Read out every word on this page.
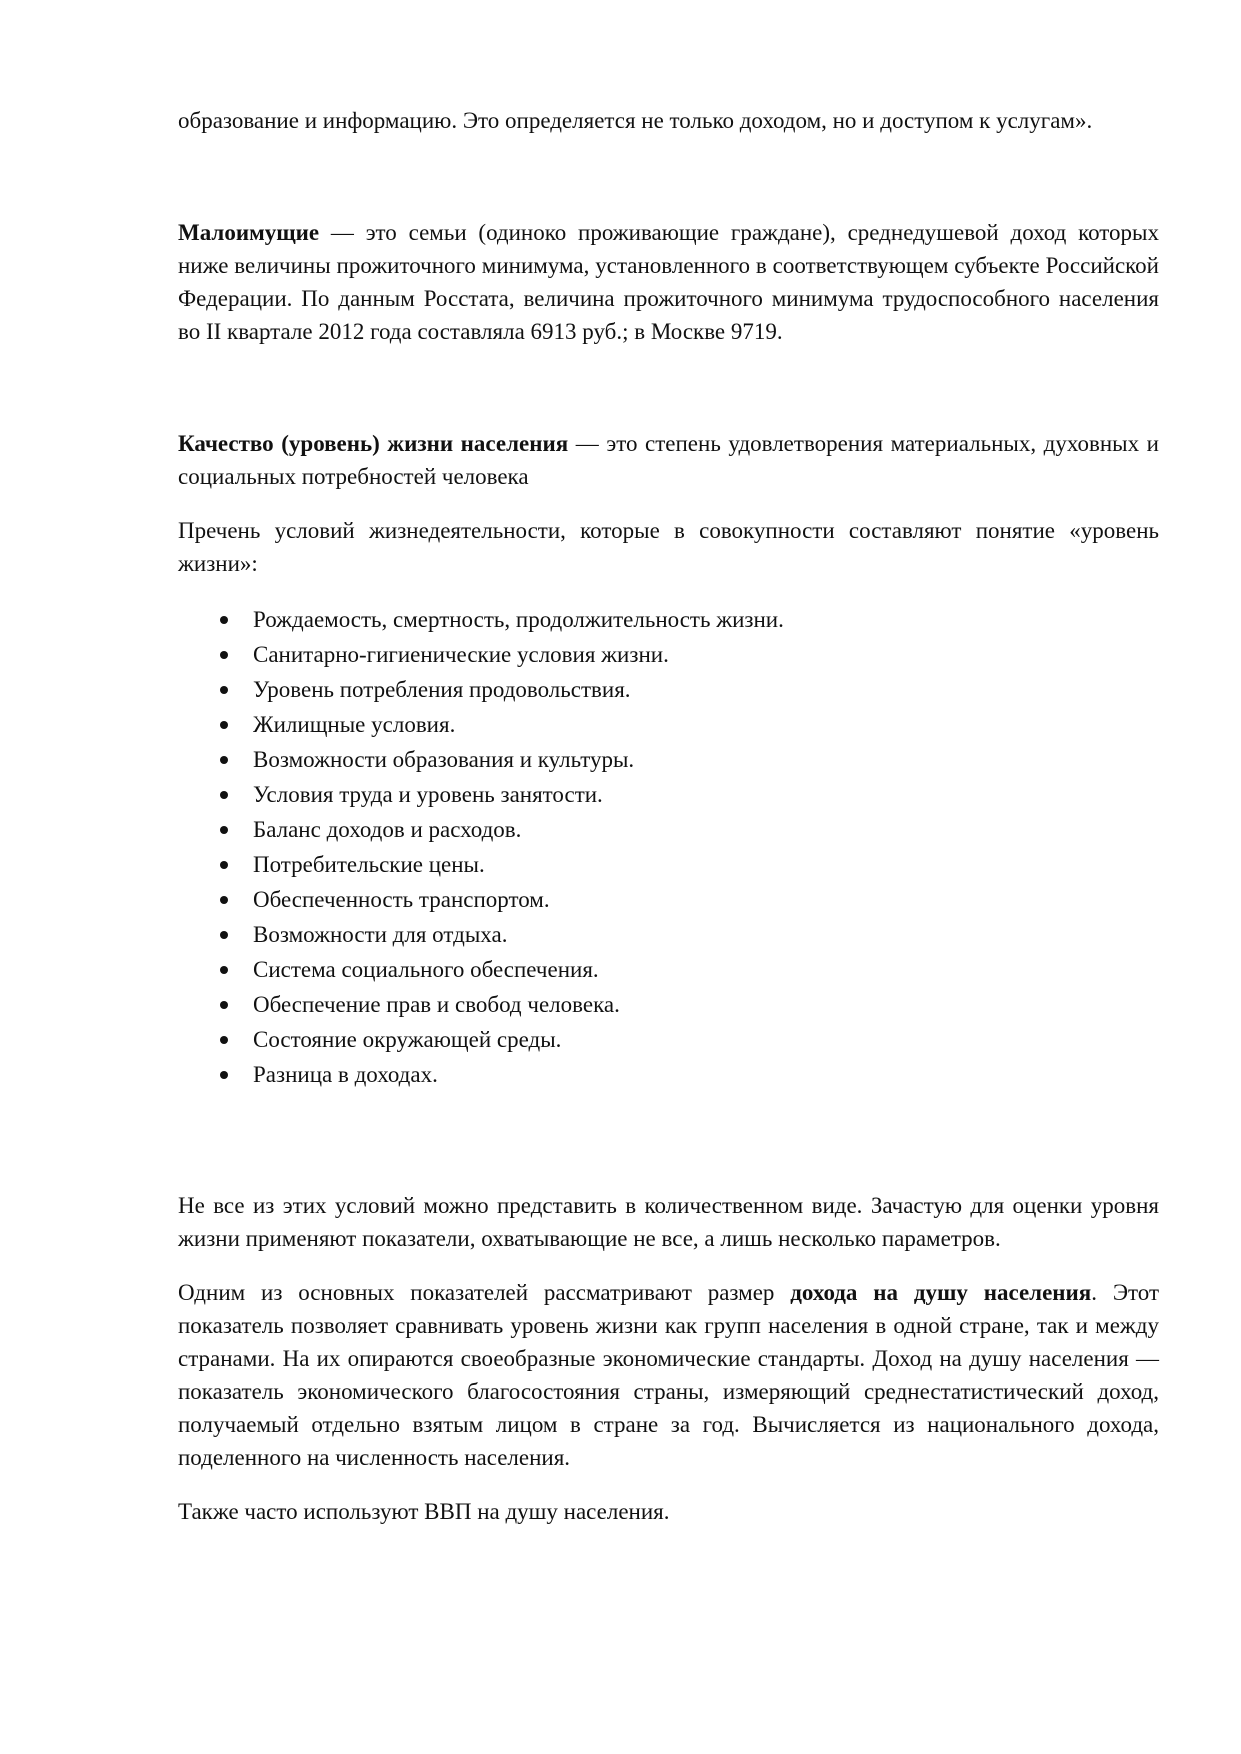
образование и информацию. Это определяется не только доходом, но и доступом к услугам».

Малоимущие — это семьи (одиноко проживающие граждане), среднедушевой доход которых ниже величины прожиточного минимума, установленного в соответствующем субъекте Российской Федерации. По данным Росстата, величина прожиточного минимума трудоспособного населения во II квартале 2012 года составляла 6913 руб.; в Москве 9719.

Качество (уровень) жизни населения — это степень удовлетворения материальных, духовных и социальных потребностей человека

Пречень условий жизнедеятельности, которые в совокупности составляют понятие «уровень жизни»:

Рождаемость, смертность, продолжительность жизни.
Санитарно-гигиенические условия жизни.
Уровень потребления продовольствия.
Жилищные условия.
Возможности образования и культуры.
Условия труда и уровень занятости.
Баланс доходов и расходов.
Потребительские цены.
Обеспеченность транспортом.
Возможности для отдыха.
Система социального обеспечения.
Обеспечение прав и свобод человека.
Состояние окружающей среды.
Разница в доходах.

Не все из этих условий можно представить в количественном виде. Зачастую для оценки уровня жизни применяют показатели, охватывающие не все, а лишь несколько параметров.

Одним из основных показателей рассматривают размер дохода на душу населения. Этот показатель позволяет сравнивать уровень жизни как групп населения в одной стране, так и между странами. На их опираются своеобразные экономические стандарты. Доход на душу населения — показатель экономического благосостояния страны, измеряющий среднестатистический доход, получаемый отдельно взятым лицом в стране за год. Вычисляется из национального дохода, поделенного на численность населения.

Также часто используют ВВП на душу населения.
